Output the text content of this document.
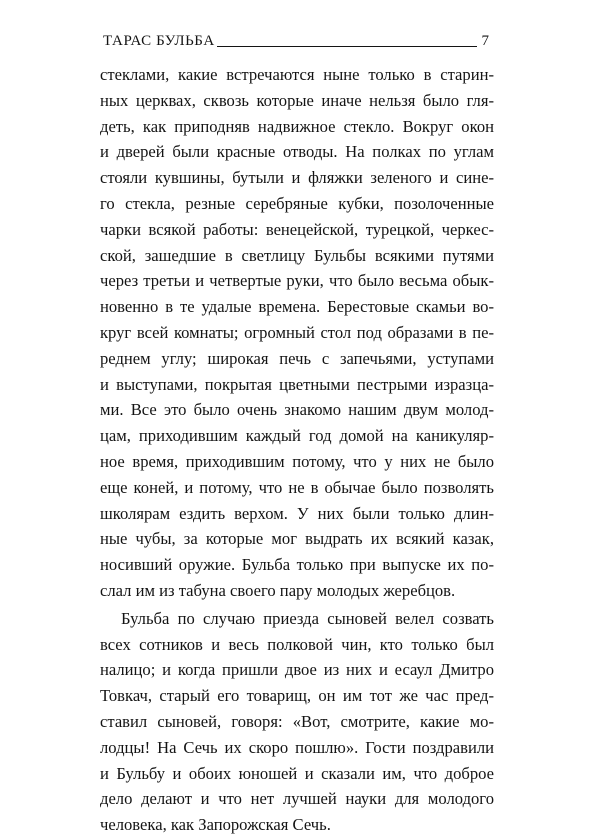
ТАРАС БУЛЬБА	7
стеклами, какие встречаются ныне только в старин-
ных церквах, сквозь которые иначе нельзя было гля-
деть, как приподняв надвижное стекло. Вокруг окон
и дверей были красные отводы. На полках по углам
стояли кувшины, бутыли и фляжки зеленого и сине-
го стекла, резные серебряные кубки, позолоченные
чарки всякой работы: венецейской, турецкой, черкес-
ской, зашедшие в светлицу Бульбы всякими путями
через третьи и четвертые руки, что было весьма обык-
новенно в те удалые времена. Берестовые скамьи во-
круг всей комнаты; огромный стол под образами в пе-
реднем углу; широкая печь с запечьями, уступами
и выступами, покрытая цветными пестрыми изразца-
ми. Все это было очень знакомо нашим двум молод-
цам, приходившим каждый год домой на каникуляр-
ное время, приходившим потому, что у них не было
еще коней, и потому, что не в обычае было позволять
школярам ездить верхом. У них были только длин-
ные чубы, за которые мог выдрать их всякий казак,
носивший оружие. Бульба только при выпуске их по-
слал им из табуна своего пару молодых жеребцов.
Бульба по случаю приезда сыновей велел созвать
всех сотников и весь полковой чин, кто только был
налицо; и когда пришли двое из них и есаул Дмитро
Товкач, старый его товарищ, он им тот же час пред-
ставил сыновей, говоря: «Вот, смотрите, какие мо-
лодцы! На Сечь их скоро пошлю». Гости поздравили
и Бульбу и обоих юношей и сказали им, что доброе
дело делают и что нет лучшей науки для молодого
человека, как Запорожская Сечь.
